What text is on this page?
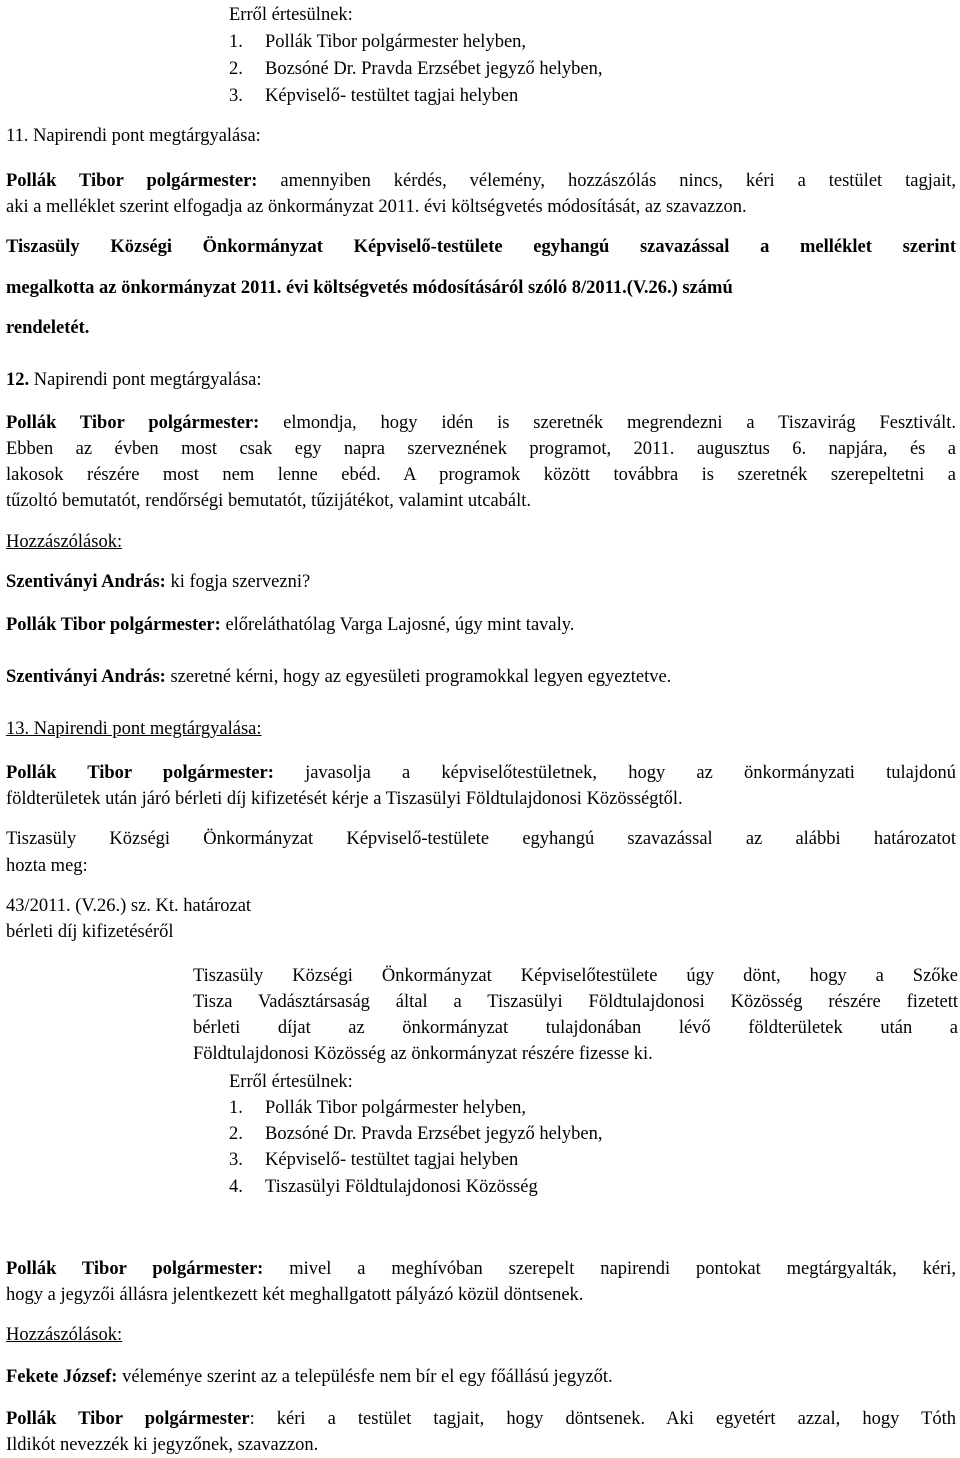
Erről értesülnek:
1. Pollák Tibor polgármester helyben,
2. Bozsóné Dr. Pravda Erzsébet jegyző helyben,
3. Képviselő- testültet tagjai helyben
11. Napirendi pont megtárgyalása:
Pollák Tibor polgármester: amennyiben kérdés, vélemény, hozzászólás nincs, kéri a testület tagjait,
aki a melléklet szerint elfogadja az önkormányzat 2011. évi költségvetés módosítását, az szavazzon.
Tiszasüly Községi Önkormányzat Képviselő-testülete egyhangú szavazással a melléklet szerint
megalkotta az önkormányzat 2011. évi költségvetés módosításáról szóló 8/2011.(V.26.) számú
rendeletét.
12. Napirendi pont megtárgyalása:
Pollák Tibor polgármester: elmondja, hogy idén is szeretnék megrendezni a Tiszavirág Fesztivált.
Ebben az évben most csak egy napra szerveznének programot, 2011. augusztus 6. napjára, és a
lakosok részére most nem lenne ebéd. A programok között továbbra is szeretnék szerepeltetni a
tűzoltó bemutatót, rendőrségi bemutatót, tűzijátékot, valamint utcabált.
Hozzászólások:
Szentiványi András: ki fogja szervezni?
Pollák Tibor polgármester: előreláthatólag Varga Lajosné, úgy mint tavaly.
Szentiványi András: szeretné kérni, hogy az egyesületi programokkal legyen egyeztetve.
13. Napirendi pont megtárgyalása:
Pollák Tibor polgármester: javasolja a képviselőtestületnek, hogy az önkormányzati tulajdonú
földterületek után járó bérleti díj kifizetését kérje a Tiszasülyi Földtulajdonosi Közösségtől.
Tiszasüly Községi Önkormányzat Képviselő-testülete egyhangú szavazással az alábbi határozatot
hozta meg:
43/2011. (V.26.) sz. Kt. határozat
bérleti díj kifizetéséről
Tiszasüly Községi Önkormányzat Képviselőtestülete úgy dönt, hogy a Szőke
Tisza Vadásztársaság által a Tiszasülyi Földtulajdonosi Közösség részére fizetett
bérleti díjat az önkormányzat tulajdonában lévő földterületek után a
Földtulajdonosi Közösség az önkormányzat részére fizesse ki.
Erről értesülnek:
1. Pollák Tibor polgármester helyben,
2. Bozsóné Dr. Pravda Erzsébet jegyző helyben,
3. Képviselő- testültet tagjai helyben
4. Tiszasülyi Földtulajdonosi Közösség
Pollák Tibor polgármester: mivel a meghívóban szerepelt napirendi pontokat megtárgyalták, kéri,
hogy a jegyzői állásra jelentkezett két meghallgatott pályázó közül döntsenek.
Hozzászólások:
Fekete József: véleménye szerint az a településfe nem bír el egy főállású jegyzőt.
Pollák Tibor polgármester: kéri a testület tagjait, hogy döntsenek. Aki egyetért azzal, hogy Tóth
Ildikót nevezzék ki jegyzőnek, szavazzon.
